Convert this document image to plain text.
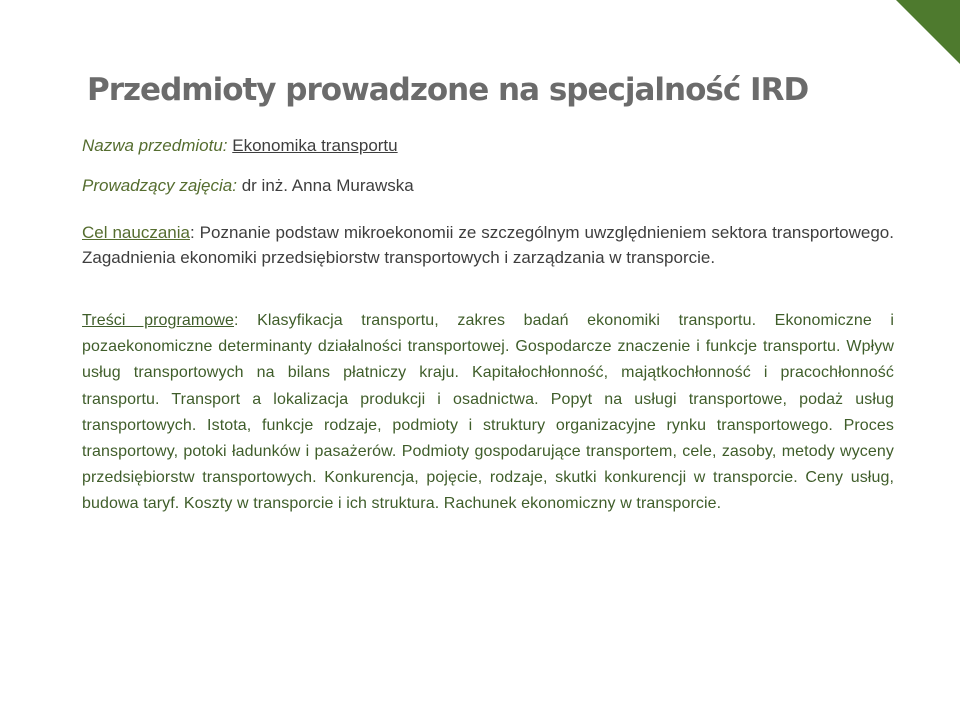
Przedmioty prowadzone na specjalność IRD
Nazwa przedmiotu: Ekonomika transportu
Prowadzący zajęcia: dr inż. Anna Murawska

Cel nauczania: Poznanie podstaw mikroekonomii ze szczególnym uwzględnieniem sektora transportowego. Zagadnienia ekonomiki przedsiębiorstw transportowych i zarządzania w transporcie.

Treści programowe: Klasyfikacja transportu, zakres badań ekonomiki transportu. Ekonomiczne i pozaekonomiczne determinanty działalności transportowej. Gospodarcze znaczenie i funkcje transportu. Wpływ usług transportowych na bilans płatniczy kraju. Kapitałochłonność, majątkochłonność i pracochłonność transportu. Transport a lokalizacja produkcji i osadnictwa. Popyt na usługi transportowe, podaż usług transportowych. Istota, funkcje rodzaje, podmioty i struktury organizacyjne rynku transportowego. Proces transportowy, potoki ładunków i pasażerów. Podmioty gospodarujące transportem, cele, zasoby, metody wyceny przedsiębiorstw transportowych. Konkurencja, pojęcie, rodzaje, skutki konkurencji w transporcie. Ceny usług, budowa taryf. Koszty w transporcie i ich struktura. Rachunek ekonomiczny w transporcie.
